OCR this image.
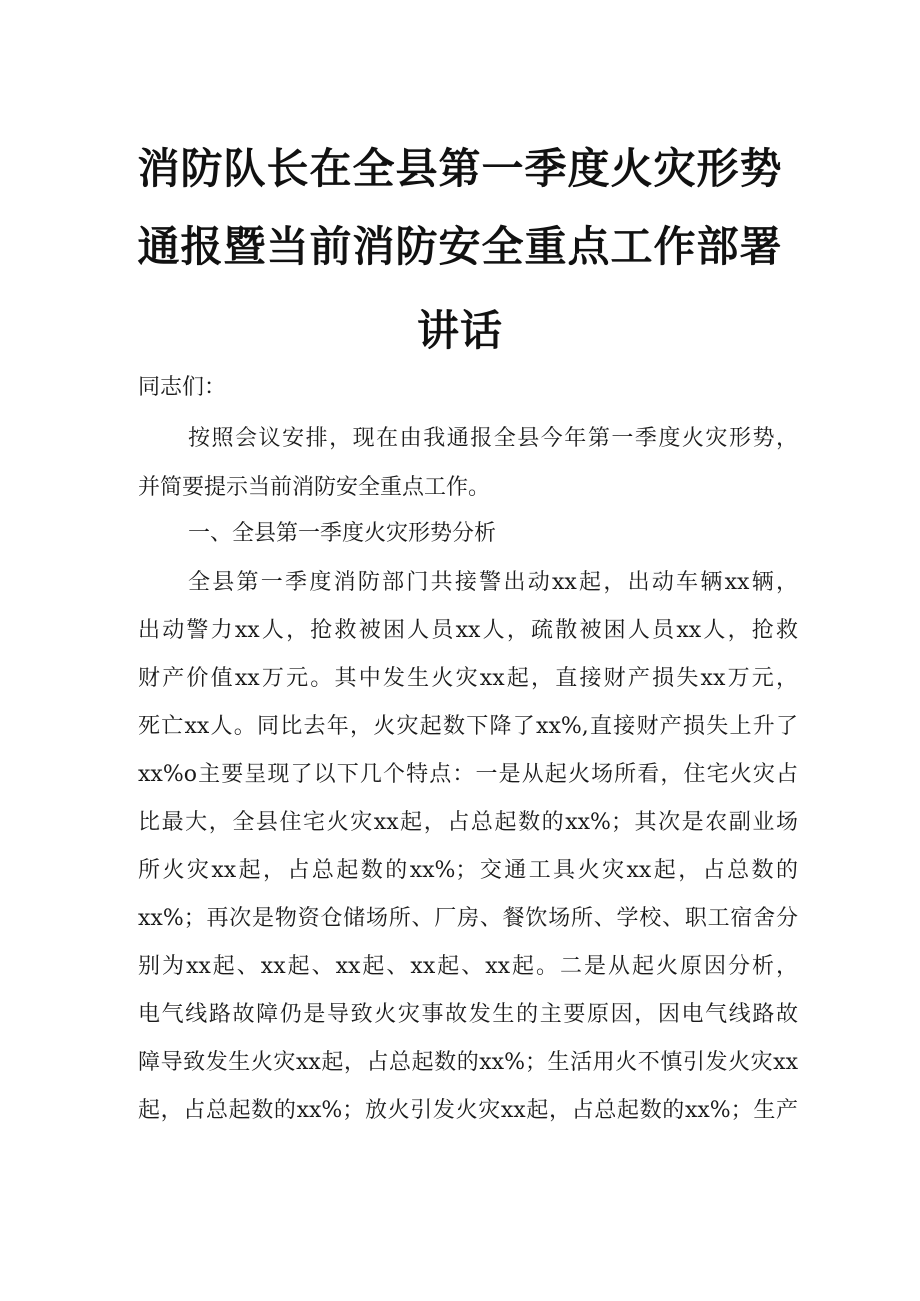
消防队长在全县第一季度火灾形势
通报暨当前消防安全重点工作部署
讲话

同志们：

按照会议安排，现在由我通报全县今年第一季度火灾形势，

并简要提示当前消防安全重点工作。

一、全县第一季度火灾形势分析

全县第一季度消防部门共接警出动xx起，出动车辆xx辆，

出动警力xx人，抢救被困人员xx人，疏散被困人员xx人，抢救

财产价值xx万元。其中发生火灾xx起，直接财产损失xx万元，

死亡xx人。同比去年，火灾起数下降了xx%,直接财产损失上升了

xx%o主要呈现了以下几个特点：一是从起火场所看，住宅火灾占

比最大，全县住宅火灾xx起，占总起数的xx%；其次是农副业场

所火灾xx起，占总起数的xx%；交通工具火灾xx起，占总数的

xx%；再次是物资仓储场所、厂房、餐饮场所、学校、职工宿舍分

别为xx起、xx起、xx起、xx起、xx起。二是从起火原因分析，

电气线路故障仍是导致火灾事故发生的主要原因，因电气线路故

障导致发生火灾xx起，占总起数的xx%；生活用火不慎引发火灾xx

起，占总起数的xx%；放火引发火灾xx起，占总起数的xx%；生产
